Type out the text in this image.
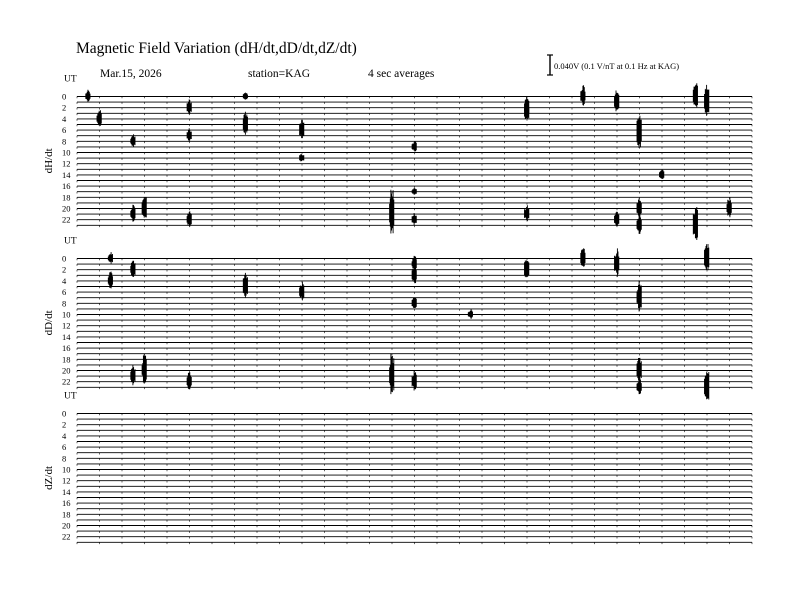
Magnetic Field Variation (dH/dt,dD/dt,dZ/dt)
Mar.15, 2026	station=KAG	4 sec averages
0.040V (0.1 V/nT at 0.1 Hz at KAG)
UT
dH/dt
0
2
4
6
8
10
12
14
16
18
20
22
UT
dD/dt
0
2
4
6
8
10
12
14
16
18
20
22
UT
dZ/dt
0
2
4
6
8
10
12
14
16
18
20
22
